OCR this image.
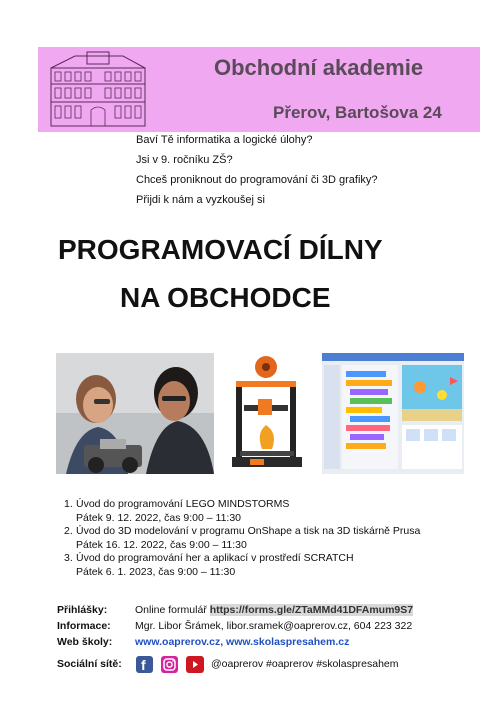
Obchodní akademie
Přerov, Bartošova 24
Baví Tě informatika a logické úlohy?
Jsi v 9. ročníku ZŠ?
Chceš proniknout do programování či 3D grafiky?
Přijdi k nám a vyzkoušej si
PROGRAMOVACÍ DÍLNY
NA OBCHODCE
1. Úvod do programování LEGO MINDSTORMS
Pátek 9. 12. 2022, čas 9:00 – 11:30
2. Úvod do 3D modelování v programu OnShape a tisk na 3D tiskárně Prusa
Pátek 16. 12. 2022, čas 9:00 – 11:30
3. Úvod do programování her a aplikací v prostředí SCRATCH
Pátek 6. 1. 2023, čas 9:00 – 11:30
Přihlášky:	Online formulář https://forms.gle/ZTaMMd41DFAmum9S7
Informace:	Mgr. Libor Šrámek, libor.sramek@oaprerov.cz, 604 223 322
Web školy:	www.oaprerov.cz, www.skolaspresahem.cz
Sociální sítě:	f	@oaprerov #oaprerov #skolaspresahem
